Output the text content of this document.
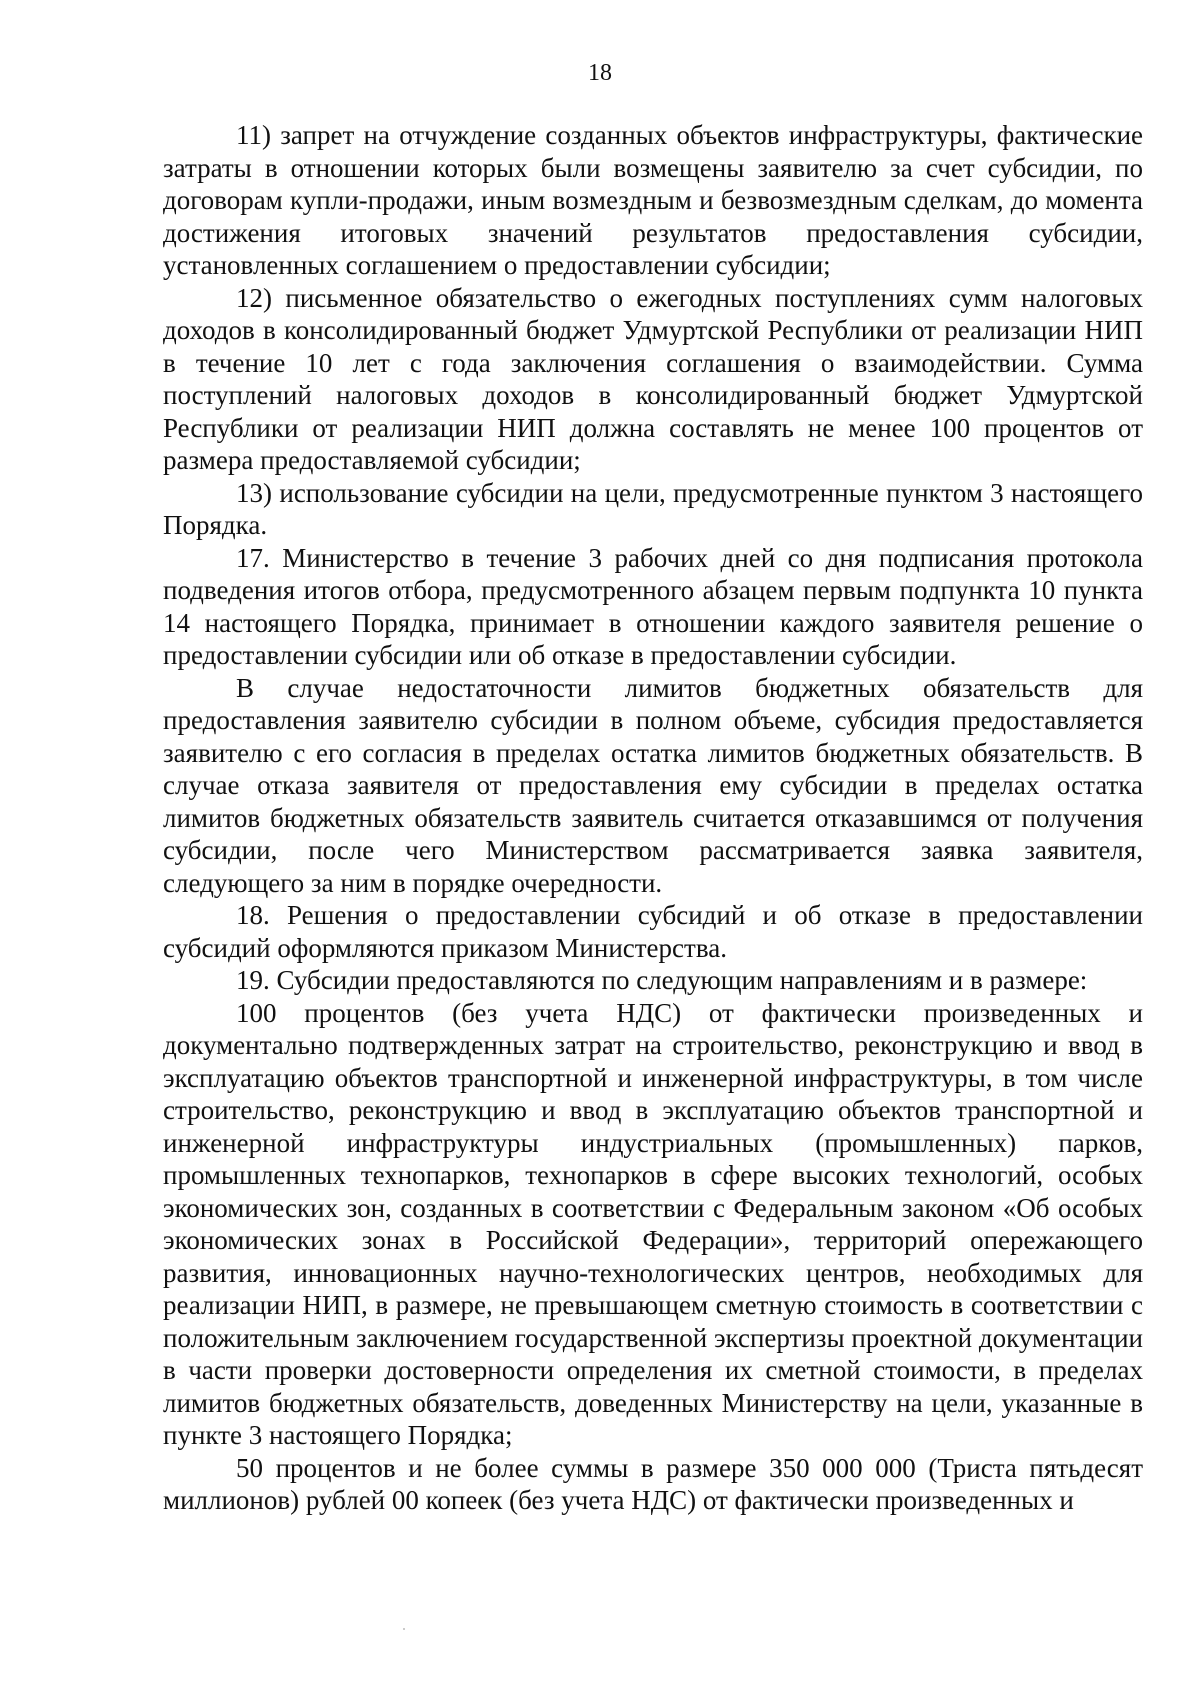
18

11) запрет на отчуждение созданных объектов инфраструктуры, фактические затраты в отношении которых были возмещены заявителю за счет субсидии, по договорам купли-продажи, иным возмездным и безвозмездным сделкам, до момента достижения итоговых значений результатов предоставления субсидии, установленных соглашением о предоставлении субсидии;

12) письменное обязательство о ежегодных поступлениях сумм налоговых доходов в консолидированный бюджет Удмуртской Республики от реализации НИП в течение 10 лет с года заключения соглашения о взаимодействии. Сумма поступлений налоговых доходов в консолидированный бюджет Удмуртской Республики от реализации НИП должна составлять не менее 100 процентов от размера предоставляемой субсидии;

13) использование субсидии на цели, предусмотренные пунктом 3 настоящего Порядка.

17. Министерство в течение 3 рабочих дней со дня подписания протокола подведения итогов отбора, предусмотренного абзацем первым подпункта 10 пункта 14 настоящего Порядка, принимает в отношении каждого заявителя решение о предоставлении субсидии или об отказе в предоставлении субсидии.

В случае недостаточности лимитов бюджетных обязательств для предоставления заявителю субсидии в полном объеме, субсидия предоставляется заявителю с его согласия в пределах остатка лимитов бюджетных обязательств. В случае отказа заявителя от предоставления ему субсидии в пределах остатка лимитов бюджетных обязательств заявитель считается отказавшимся от получения субсидии, после чего Министерством рассматривается заявка заявителя, следующего за ним в порядке очередности.

18. Решения о предоставлении субсидий и об отказе в предоставлении субсидий оформляются приказом Министерства.

19. Субсидии предоставляются по следующим направлениям и в размере:

100 процентов (без учета НДС) от фактически произведенных и документально подтвержденных затрат на строительство, реконструкцию и ввод в эксплуатацию объектов транспортной и инженерной инфраструктуры, в том числе строительство, реконструкцию и ввод в эксплуатацию объектов транспортной и инженерной инфраструктуры индустриальных (промышленных) парков, промышленных технопарков, технопарков в сфере высоких технологий, особых экономических зон, созданных в соответствии с Федеральным законом «Об особых экономических зонах в Российской Федерации», территорий опережающего развития, инновационных научно-технологических центров, необходимых для реализации НИП, в размере, не превышающем сметную стоимость в соответствии с положительным заключением государственной экспертизы проектной документации в части проверки достоверности определения их сметной стоимости, в пределах лимитов бюджетных обязательств, доведенных Министерству на цели, указанные в пункте 3 настоящего Порядка;

50 процентов и не более суммы в размере 350 000 000 (Триста пятьдесят миллионов) рублей 00 копеек (без учета НДС) от фактически произведенных и
